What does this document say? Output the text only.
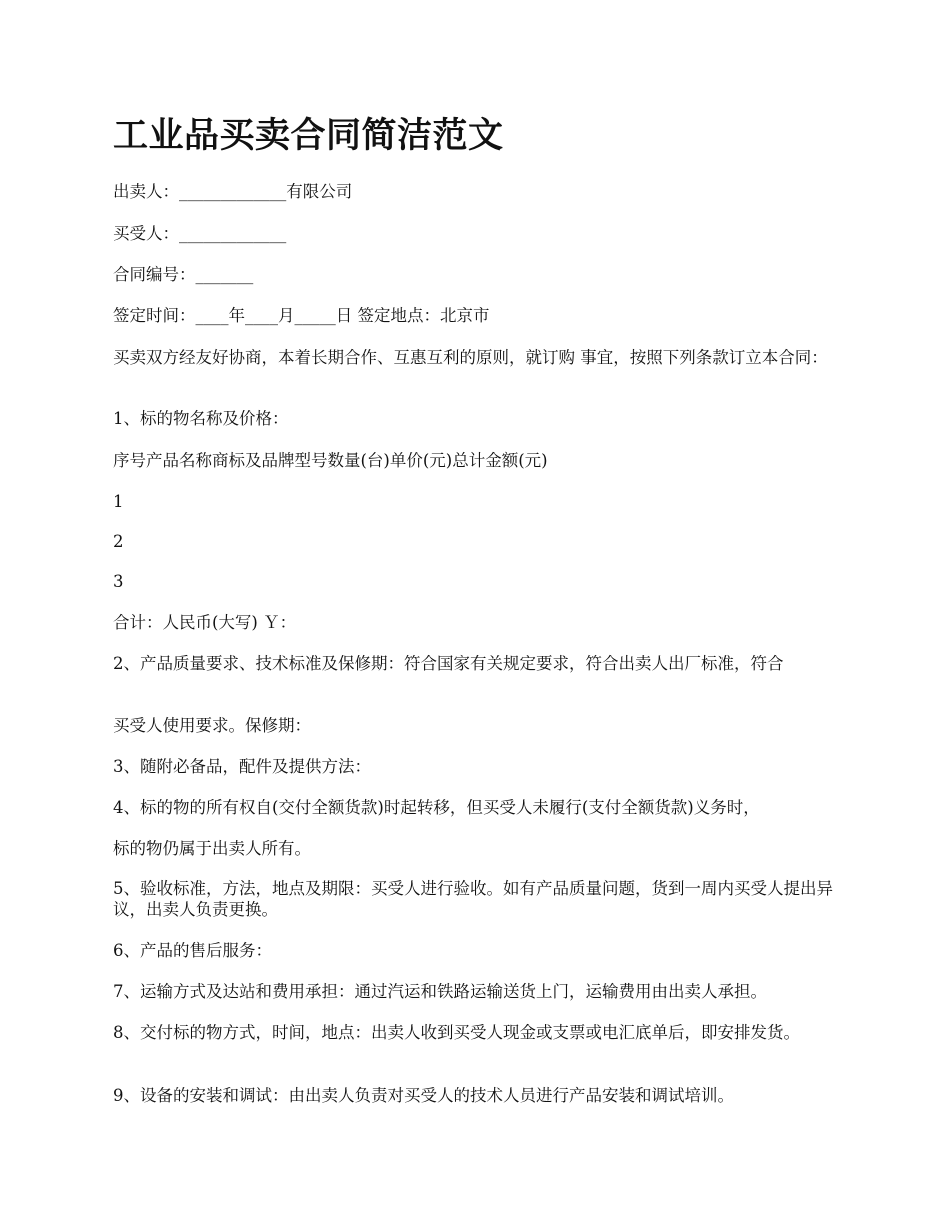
工业品买卖合同简洁范文

出卖人：_____________有限公司

买受人：_____________

合同编号：_______

签定时间：____年____月_____日 签定地点：北京市

买卖双方经友好协商，本着长期合作、互惠互利的原则，就订购 事宜，按照下列条款订立本合同：

1、标的物名称及价格：

序号产品名称商标及品牌型号数量(台)单价(元)总计金额(元)

1

2

3

合计：人民币(大写) Ｙ：

2、产品质量要求、技术标准及保修期：符合国家有关规定要求，符合出卖人出厂标准，符合

买受人使用要求。保修期：

3、随附必备品，配件及提供方法：

4、标的物的所有权自(交付全额货款)时起转移，但买受人未履行(支付全额货款)义务时，

标的物仍属于出卖人所有。

5、验收标准，方法，地点及期限：买受人进行验收。如有产品质量问题，货到一周内买受人提出异议，出卖人负责更换。

6、产品的售后服务：

7、运输方式及达站和费用承担：通过汽运和铁路运输送货上门，运输费用由出卖人承担。

8、交付标的物方式，时间，地点：出卖人收到买受人现金或支票或电汇底单后，即安排发货。

9、设备的安装和调试：由出卖人负责对买受人的技术人员进行产品安装和调试培训。
